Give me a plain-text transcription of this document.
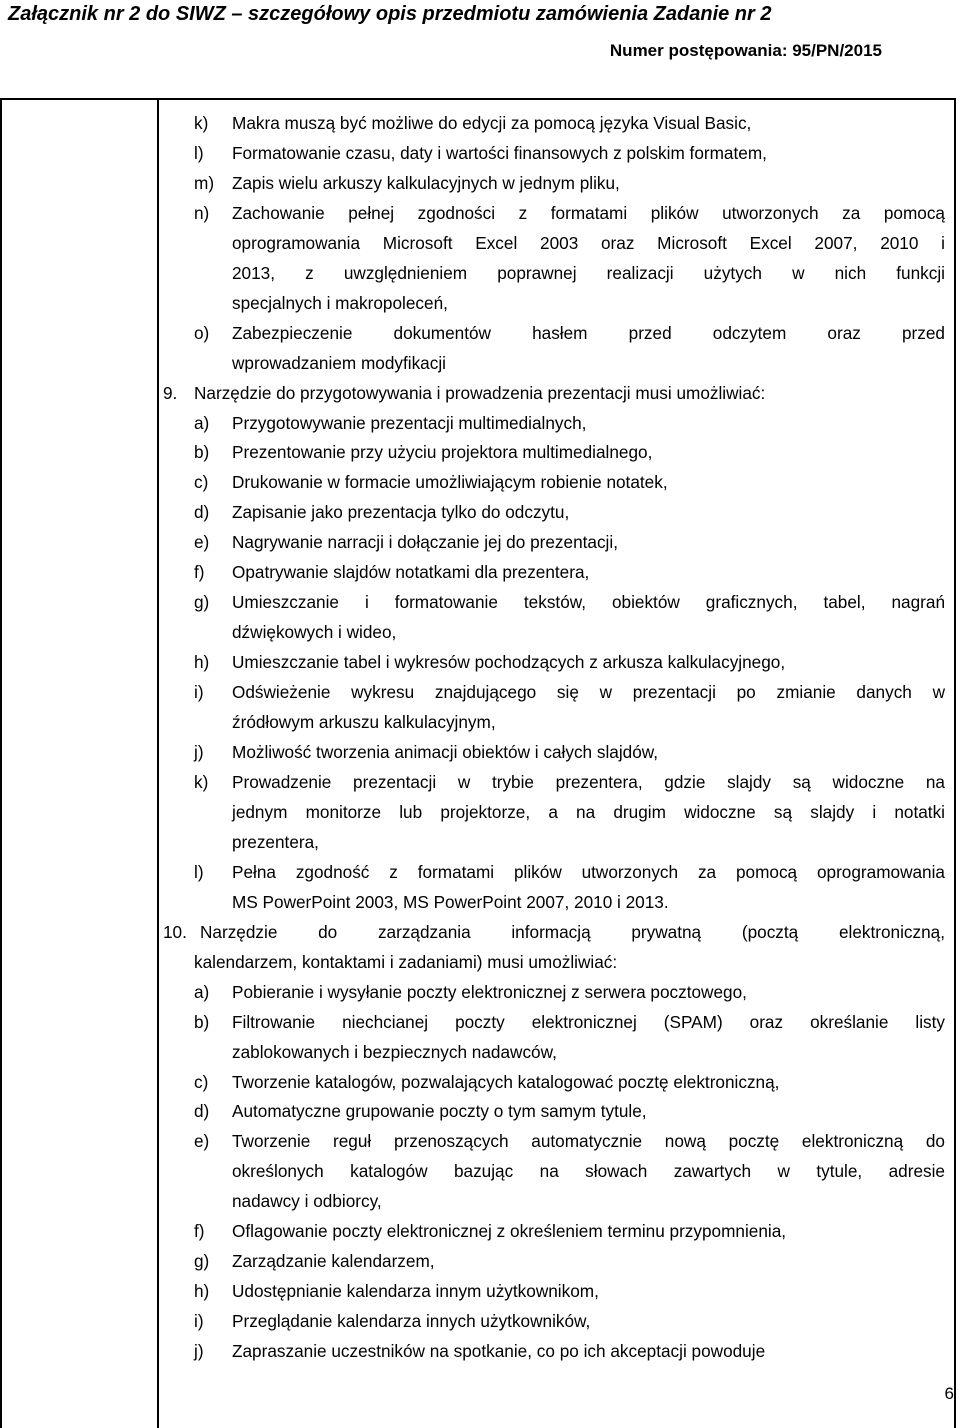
Załącznik nr 2 do SIWZ – szczegółowy opis przedmiotu zamówienia Zadanie nr 2
Numer postępowania: 95/PN/2015
k)	Makra muszą być możliwe do edycji za pomocą języka Visual Basic,
l)	Formatowanie czasu, daty i wartości finansowych z polskim formatem,
m)	Zapis wielu arkuszy kalkulacyjnych w jednym pliku,
n)	Zachowanie pełnej zgodności z formatami plików utworzonych za pomocą
oprogramowania Microsoft Excel 2003 oraz Microsoft Excel 2007, 2010 i
2013, z uwzględnieniem poprawnej realizacji użytych w nich funkcji
specjalnych i makropoleceń,
o)	Zabezpieczenie dokumentów hasłem przed odczytem oraz przed
wprowadzaniem modyfikacji
9. Narzędzie do przygotowywania i prowadzenia prezentacji musi umożliwiać:
a)	Przygotowywanie prezentacji multimedialnych,
b)	Prezentowanie przy użyciu projektora multimedialnego,
c)	Drukowanie w formacie umożliwiającym robienie notatek,
d)	Zapisanie jako prezentacja tylko do odczytu,
e)	Nagrywanie narracji i dołączanie jej do prezentacji,
f)	Opatrywanie slajdów notatkami dla prezentera,
g)	Umieszczanie i formatowanie tekstów, obiektów graficznych, tabel, nagrań
dźwiękowych i wideo,
h)	Umieszczanie tabel i wykresów pochodzących z arkusza kalkulacyjnego,
i)	Odświeżenie wykresu znajdującego się w prezentacji po zmianie danych w
źródłowym arkuszu kalkulacyjnym,
j)	Możliwość tworzenia animacji obiektów i całych slajdów,
k)	Prowadzenie prezentacji w trybie prezentera, gdzie slajdy są widoczne na
jednym monitorze lub projektorze, a na drugim widoczne są slajdy i notatki
prezentera,
l)	Pełna zgodność z formatami plików utworzonych za pomocą oprogramowania
MS PowerPoint 2003, MS PowerPoint 2007, 2010 i 2013.
10. Narzędzie do zarządzania informacją prywatną (pocztą elektroniczną,
kalendarzem, kontaktami i zadaniami) musi umożliwiać:
a)	Pobieranie i wysyłanie poczty elektronicznej z serwera pocztowego,
b)	Filtrowanie niechcianej poczty elektronicznej (SPAM) oraz określanie listy
zablokowanych i bezpiecznych nadawców,
c)	Tworzenie katalogów, pozwalających katalogować pocztę elektroniczną,
d)	Automatyczne grupowanie poczty o tym samym tytule,
e)	Tworzenie reguł przenoszących automatycznie nową pocztę elektroniczną do
określonych katalogów bazując na słowach zawartych w tytule, adresie
nadawcy i odbiorcy,
f)	Oflagowanie poczty elektronicznej z określeniem terminu przypomnienia,
g)	Zarządzanie kalendarzem,
h)	Udostępnianie kalendarza innym użytkownikom,
i)	Przeglądanie kalendarza innych użytkowników,
j)	Zapraszanie uczestników na spotkanie, co po ich akceptacji powoduje
6
